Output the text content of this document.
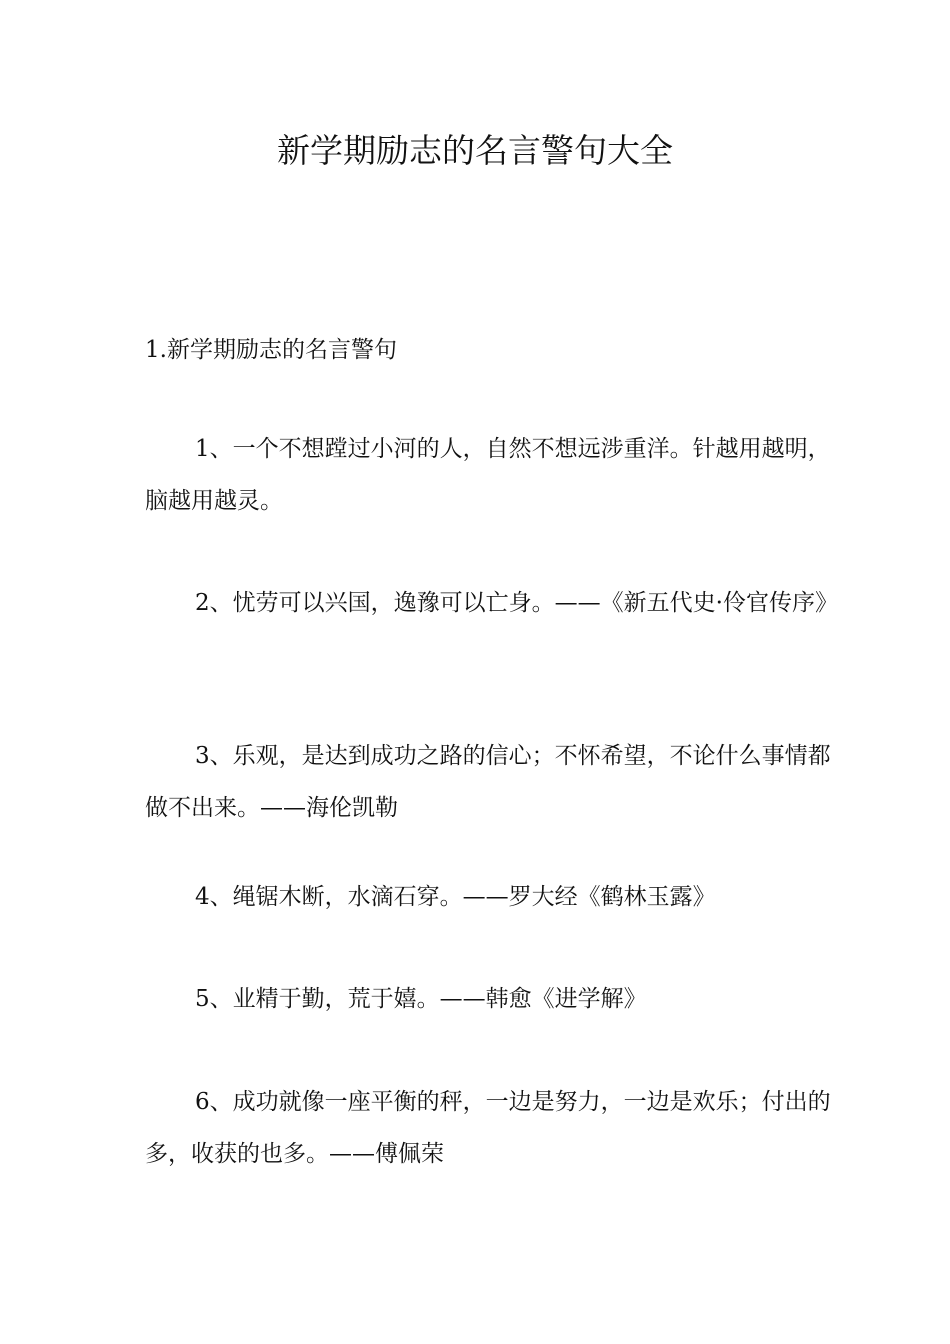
新学期励志的名言警句大全

1.新学期励志的名言警句

1、一个不想蹚过小河的人，自然不想远涉重洋。针越用越明，脑越用越灵。

2、忧劳可以兴国，逸豫可以亡身。——《新五代史·伶官传序》

3、乐观，是达到成功之路的信心；不怀希望，不论什么事情都做不出来。——海伦凯勒

4、绳锯木断，水滴石穿。——罗大经《鹤林玉露》

5、业精于勤，荒于嬉。——韩愈《进学解》

6、成功就像一座平衡的秤，一边是努力，一边是欢乐；付出的多，收获的也多。——傅佩荣
